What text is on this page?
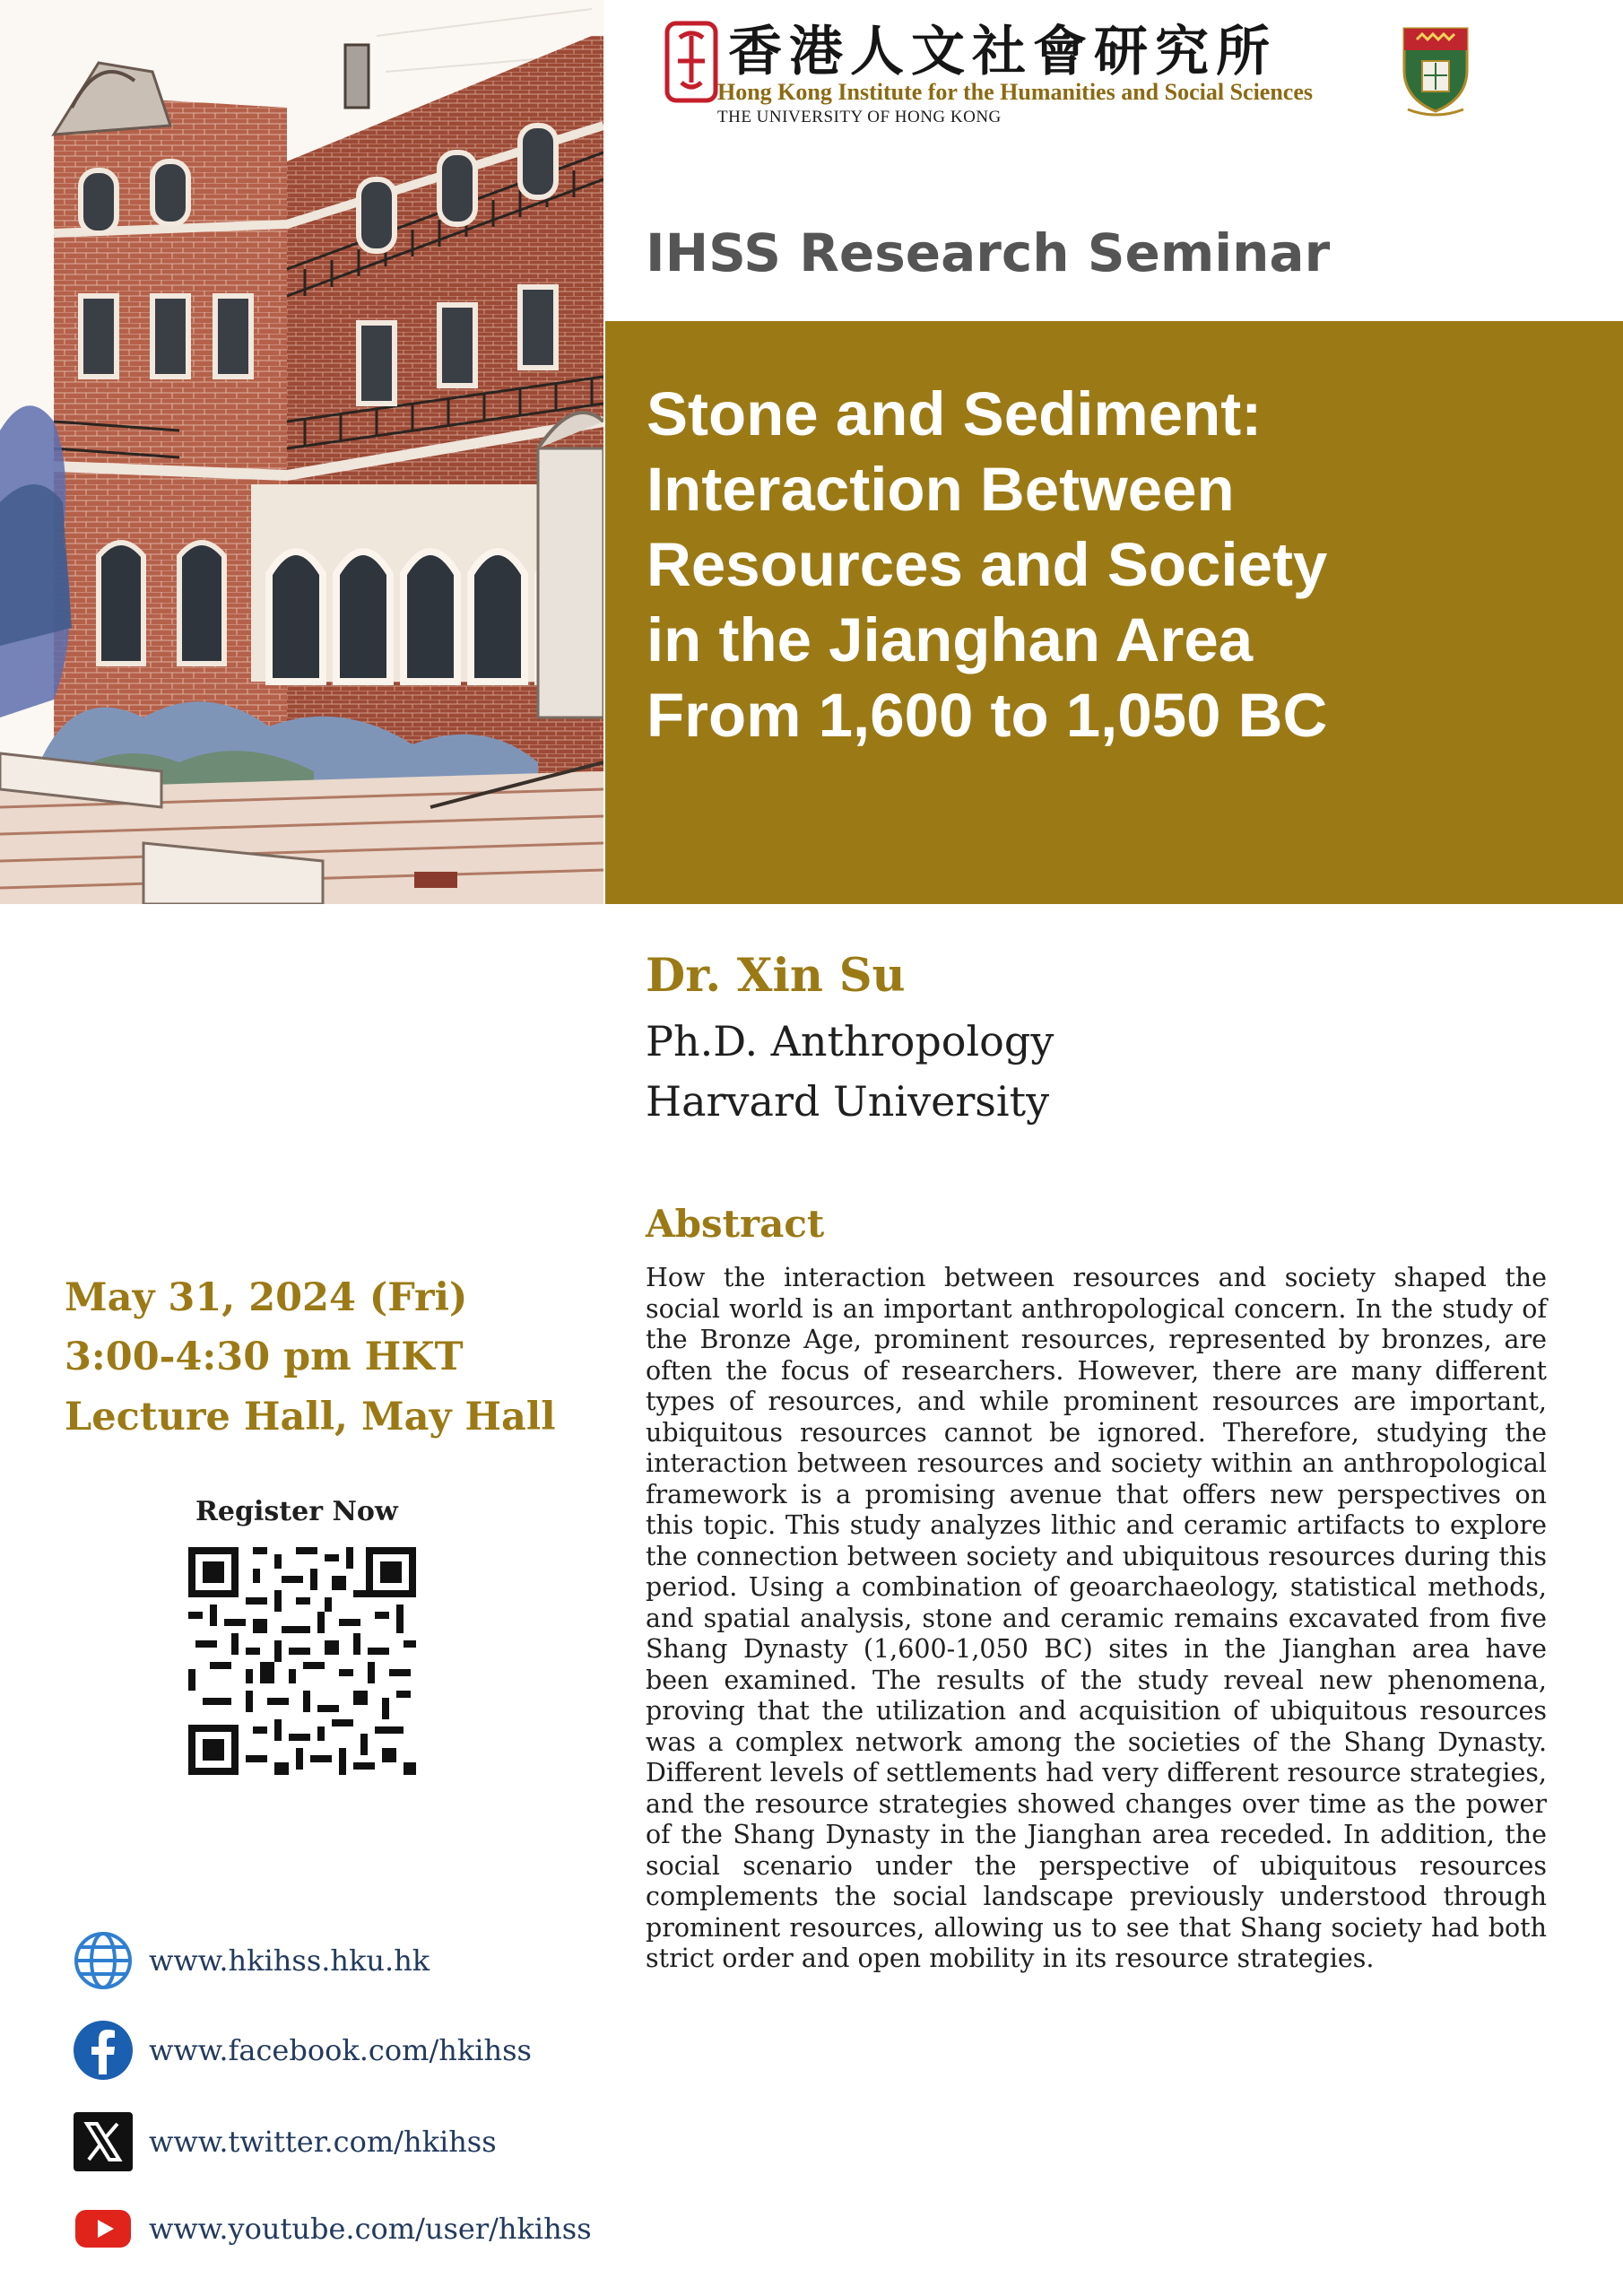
香港人文社會研究所
Hong Kong Institute for the Humanities and Social Sciences
THE UNIVERSITY OF HONG KONG
IHSS Research Seminar
Stone and Sediment:
Interaction Between
Resources and Society
in the Jianghan Area
From 1,600 to 1,050 BC
Dr. Xin Su
Ph.D. Anthropology
Harvard University
Abstract

How the interaction between resources and society shaped the social world is an important anthropological concern. In the study of the Bronze Age, prominent resources, represented by bronzes, are often the focus of researchers. However, there are many different types of resources, and while prominent resources are important, ubiquitous resources cannot be ignored. Therefore, studying the interaction between resources and society within an anthropological framework is a promising avenue that offers new perspectives on this topic. This study analyzes lithic and ceramic artifacts to explore the connection between society and ubiquitous resources during this period. Using a combination of geoarchaeology, statistical methods, and spatial analysis, stone and ceramic remains excavated from five Shang Dynasty (1,600-1,050 BC) sites in the Jianghan area have been examined. The results of the study reveal new phenomena, proving that the utilization and acquisition of ubiquitous resources was a complex network among the societies of the Shang Dynasty. Different levels of settlements had very different resource strategies, and the resource strategies showed changes over time as the power of the Shang Dynasty in the Jianghan area receded. In addition, the social scenario under the perspective of ubiquitous resources complements the social landscape previously understood through prominent resources, allowing us to see that Shang society had both strict order and open mobility in its resource strategies.

May 31, 2024 (Fri)
3:00-4:30 pm HKT
Lecture Hall, May Hall
Register Now
www.hkihss.hku.hk
www.facebook.com/hkihss
www.twitter.com/hkihss
www.youtube.com/user/hkihss
